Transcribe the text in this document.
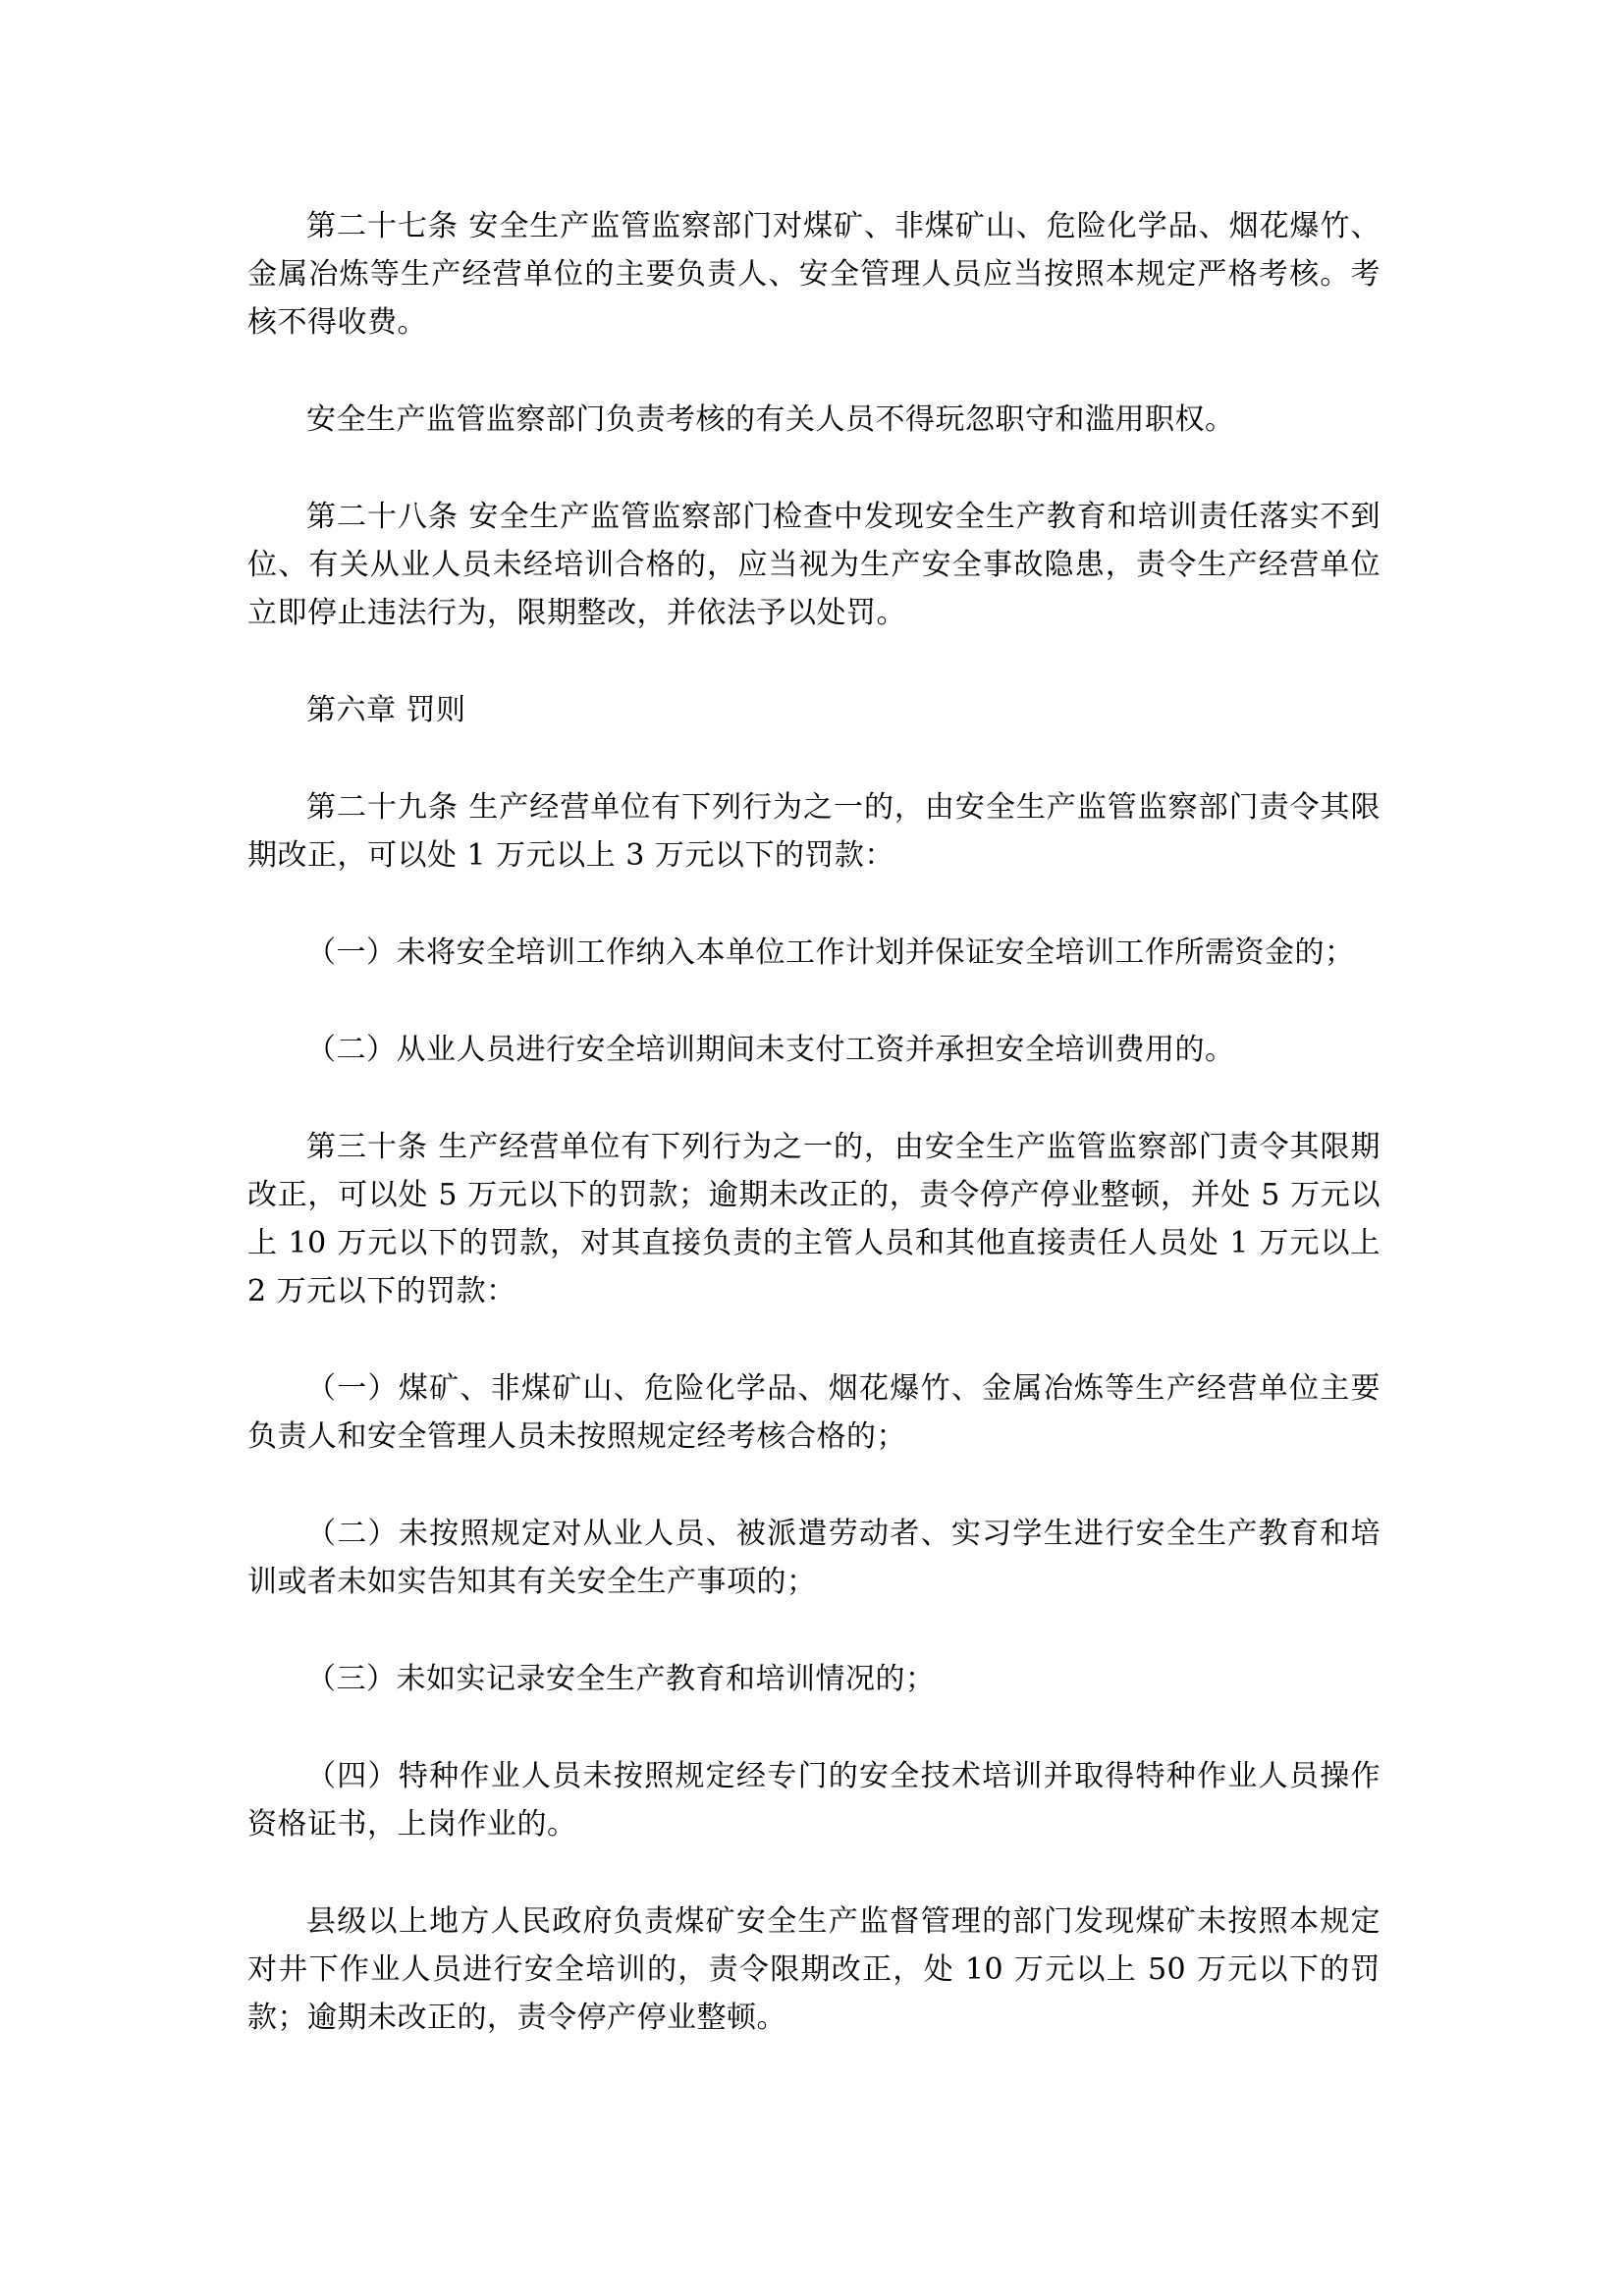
第二十七条 安全生产监管监察部门对煤矿、非煤矿山、危险化学品、烟花爆竹、金属冶炼等生产经营单位的主要负责人、安全管理人员应当按照本规定严格考核。考核不得收费。

安全生产监管监察部门负责考核的有关人员不得玩忽职守和滥用职权。

第二十八条 安全生产监管监察部门检查中发现安全生产教育和培训责任落实不到位、有关从业人员未经培训合格的，应当视为生产安全事故隐患，责令生产经营单位立即停止违法行为，限期整改，并依法予以处罚。

第六章 罚则

第二十九条 生产经营单位有下列行为之一的，由安全生产监管监察部门责令其限期改正，可以处 1 万元以上 3 万元以下的罚款：

（一）未将安全培训工作纳入本单位工作计划并保证安全培训工作所需资金的；

（二）从业人员进行安全培训期间未支付工资并承担安全培训费用的。

第三十条 生产经营单位有下列行为之一的，由安全生产监管监察部门责令其限期改正，可以处 5 万元以下的罚款；逾期未改正的，责令停产停业整顿，并处 5 万元以上 10 万元以下的罚款，对其直接负责的主管人员和其他直接责任人员处 1 万元以上 2 万元以下的罚款：

（一）煤矿、非煤矿山、危险化学品、烟花爆竹、金属冶炼等生产经营单位主要负责人和安全管理人员未按照规定经考核合格的；

（二）未按照规定对从业人员、被派遣劳动者、实习学生进行安全生产教育和培训或者未如实告知其有关安全生产事项的；

（三）未如实记录安全生产教育和培训情况的；

（四）特种作业人员未按照规定经专门的安全技术培训并取得特种作业人员操作资格证书，上岗作业的。

县级以上地方人民政府负责煤矿安全生产监督管理的部门发现煤矿未按照本规定对井下作业人员进行安全培训的，责令限期改正，处 10 万元以上 50 万元以下的罚款；逾期未改正的，责令停产停业整顿。
